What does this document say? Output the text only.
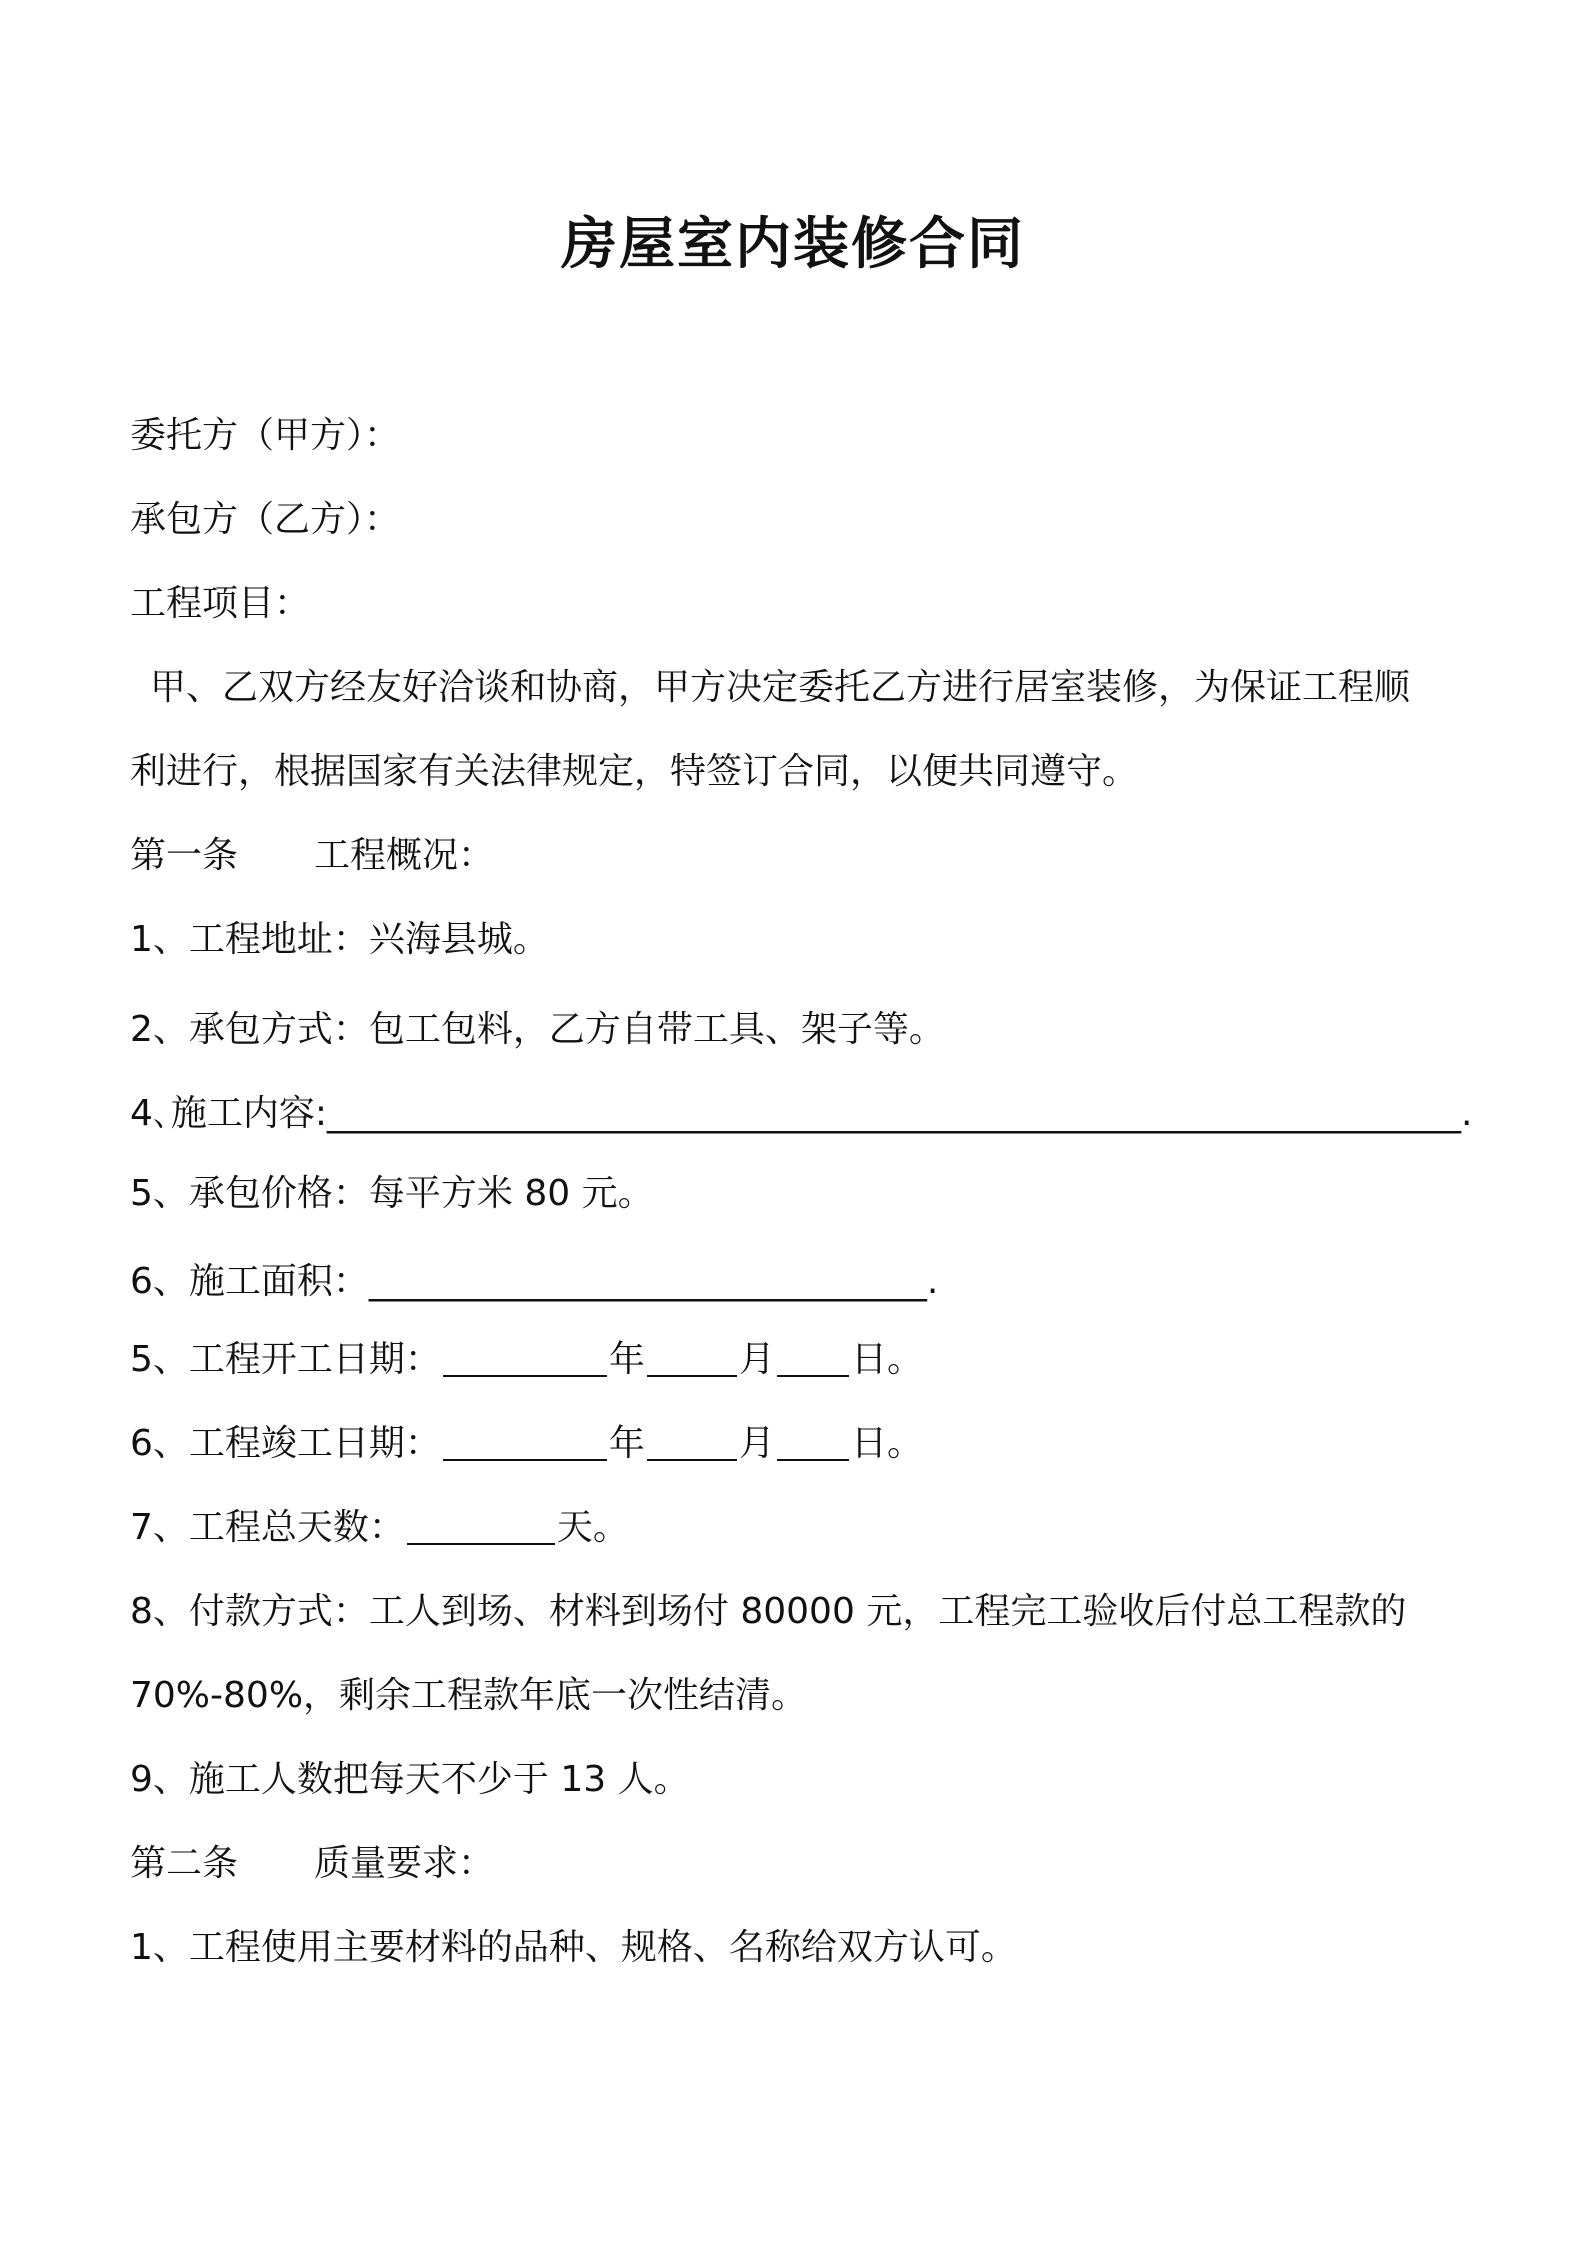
房屋室内装修合同
委托方（甲方）：
承包方（乙方）：
工程项目：
甲、乙双方经友好洽谈和协商，甲方决定委托乙方进行居室装修，为保证工程顺
利进行，根据国家有关法律规定，特签订合同，以便共同遵守。
第一条 工程概况：
1、工程地址：兴海县城。
2、承包方式：包工包料，乙方自带工具、架子等。
4､施工内容:_______________________________________________________________.
5、承包价格：每平方米 80 元。
6、施工面积：_______________________________.
5、工程开工日期：	年	月 日。
6、工程竣工日期：	年	月 日。
7、工程总天数：	天。
8、付款方式：工人到场、材料到场付 80000 元，工程完工验收后付总工程款的
70%-80%，剩余工程款年底一次性结清。
9、施工人数把每天不少于 13 人。
第二条 质量要求：
1、工程使用主要材料的品种、规格、名称给双方认可。
